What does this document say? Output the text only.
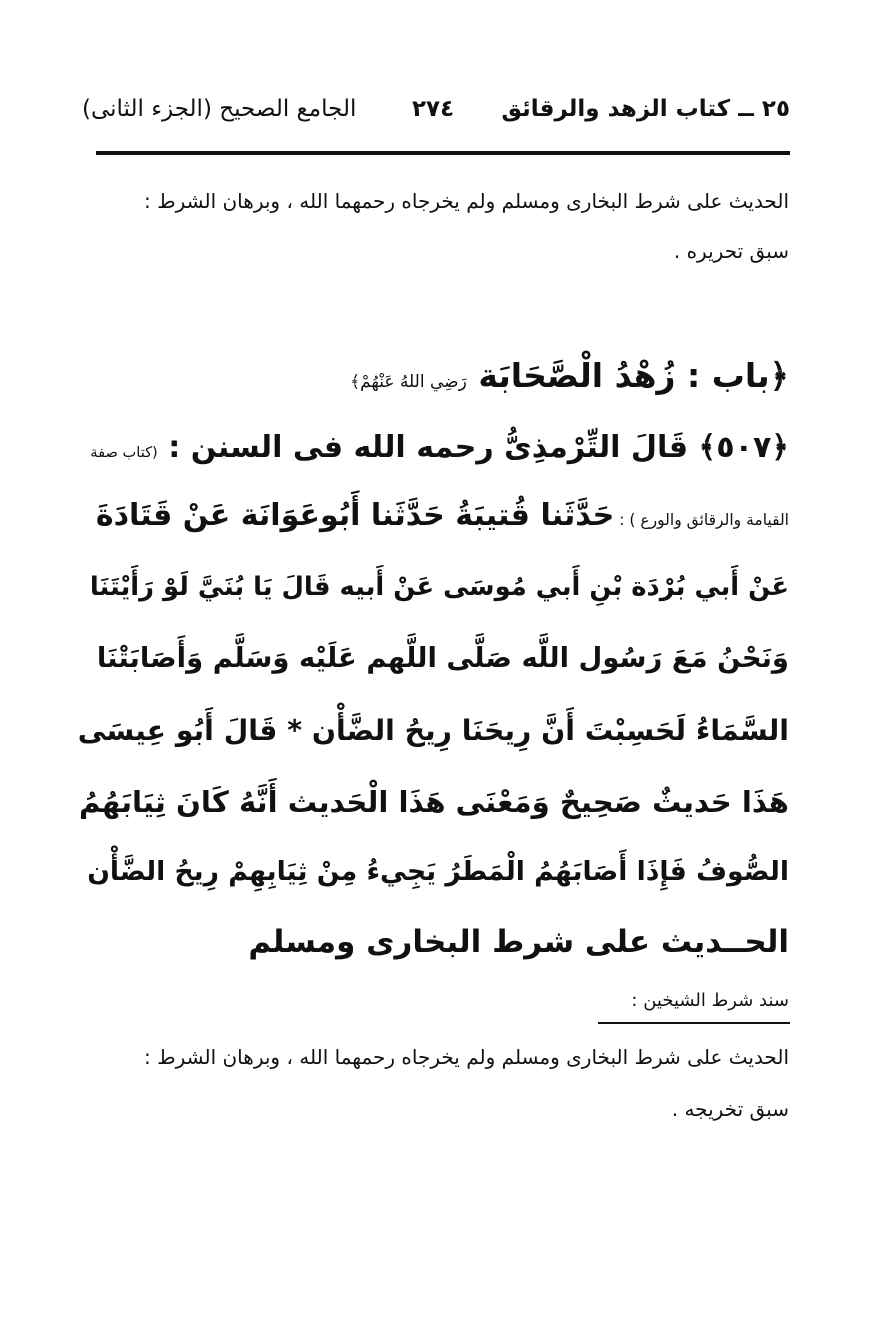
٢٥ ــ كتاب الزهد والرقائق
٢٧٤
الجامع الصحيح (الجزء الثانى)
الحديث على شرط البخارى ومسلم ولم يخرجاه رحمهما الله ، وبرهان الشرط :
سبق تحريره .
﴿باب : زُهْدُ الْصَّحَابَة رَضِي اللهُ عَنْهُمْ﴾
﴿٥٠٧﴾ قَالَ التِّرْمذِىُّ رحمه الله فى السنن : (كتاب صفة
القيامة والرقائق والورع ) : حَدَّثَنا قُتيبَةُ حَدَّثَنا أَبُوعَوَانَة عَنْ قَتَادَةَ
عَنْ أَبي بُرْدَة بْنِ أَبي مُوسَى عَنْ أَبيه قَالَ يَا بُنَيَّ لَوْ رَأَيْتَنَا
وَنَحْنُ مَعَ رَسُول اللَّه صَلَّى اللَّهم عَلَيْه وَسَلَّم وَأَصَابَتْنَا
السَّمَاءُ لَحَسِبْتَ أَنَّ رِيحَنَا رِيحُ الضَّأْن * قَالَ أَبُو عِيسَى
هَذَا حَديثٌ صَحِيحٌ وَمَعْنَى هَذَا الْحَديث أَنَّهُ كَانَ ثِيَابَهُمُ
الصُّوفُ فَإِذَا أَصَابَهُمُ الْمَطَرُ يَجِيءُ مِنْ ثِيَابِهِمْ رِيحُ الضَّأْن
الحــديث على شرط البخارى ومسلم
سند شرط الشيخين :
الحديث على شرط البخارى ومسلم ولم يخرجاه رحمهما الله ، وبرهان الشرط :
سبق تخريجه .
